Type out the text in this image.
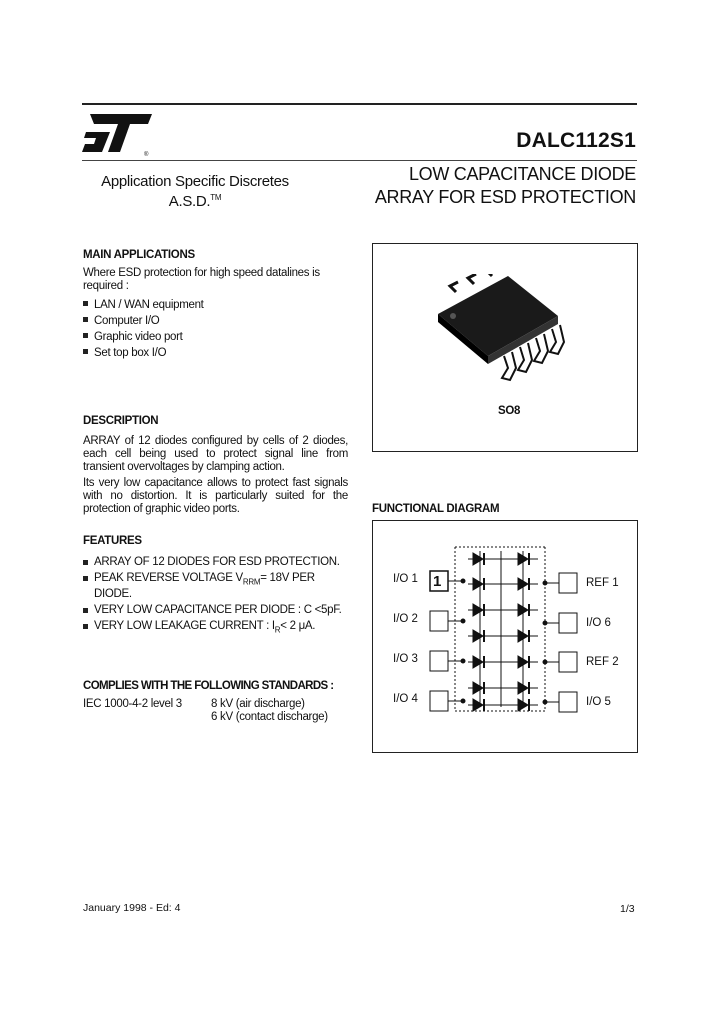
®
DALC112S1
LOW CAPACITANCE DIODE
ARRAY FOR ESD PROTECTION
Application Specific Discretes
A.S.D.™
MAIN APPLICATIONS
Where ESD protection for high speed datalines is required :
LAN / WAN equipment
Computer I/O
Graphic video port
Set top box I/O
DESCRIPTION
ARRAY of 12 diodes configured by cells of 2 diodes, each cell being used to protect signal line from transient overvoltages by clamping action.
Its very low capacitance allows to protect fast signals with no distortion. It is particularly suited for the protection of graphic video ports.
FEATURES
ARRAY OF 12 DIODES FOR ESD PROTECTION.
PEAK REVERSE VOLTAGE $V_{RRM}= 18V$ PER DIODE.
VERY LOW CAPACITANCE PER DIODE : C <5pF.
VERY LOW LEAKAGE CURRENT : $I_R< 2$ μA.
COMPLIES WITH THE FOLLOWING STANDARDS :
IEC 1000-4-2 level 3	8 kV (air discharge)
6 kV (contact discharge)
SO8
FUNCTIONAL DIAGRAM
1
I/O 1
I/O 2
I/O 3
I/O 4
REF 1
I/O 6
REF 2
I/O 5
January 1998 - Ed: 4	1/3
